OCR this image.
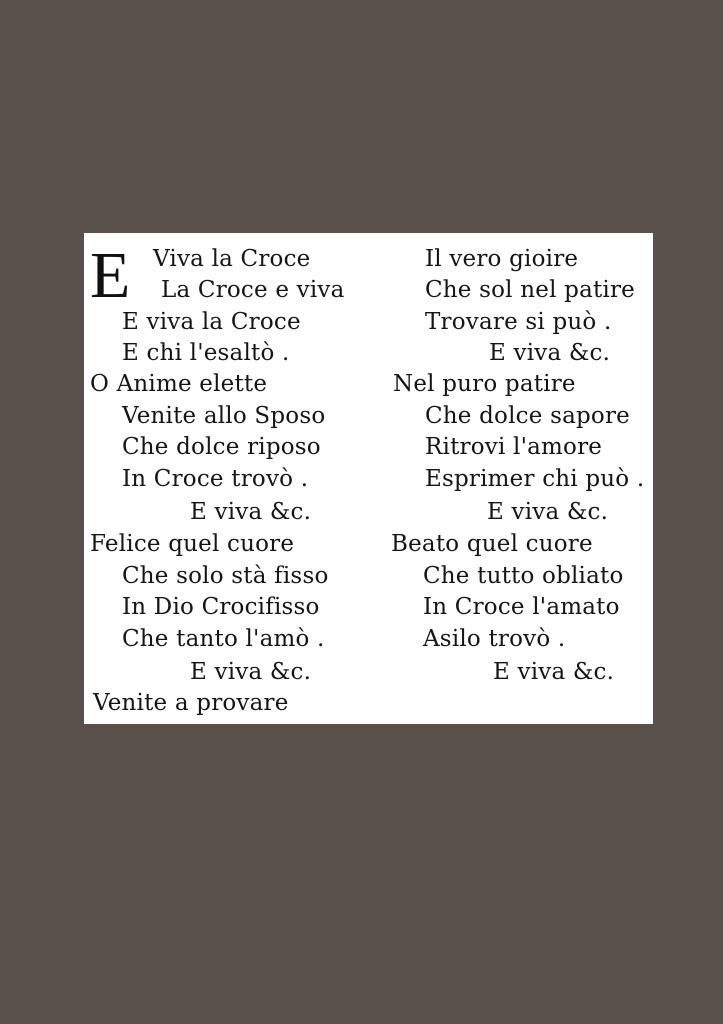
E Viva la Croce
La Croce e viva
E viva la Croce
E chi l'esaltò .
O Anime elette
Venite allo Sposo
Che dolce riposo
In Croce trovò .
E viva &c.
Felice quel cuore
Che solo stà fisso
In Dio Crocifisso
Che tanto l'amò .
E viva &c.
Venite a provare
Il vero gioire
Che sol nel patire
Trovare si può .
E viva &c.
Nel puro patire
Che dolce sapore
Ritrovi l'amore
Esprimer chi può .
E viva &c.
Beato quel cuore
Che tutto obliato
In Croce l'amato
Asilo trovò .
E viva &c.
